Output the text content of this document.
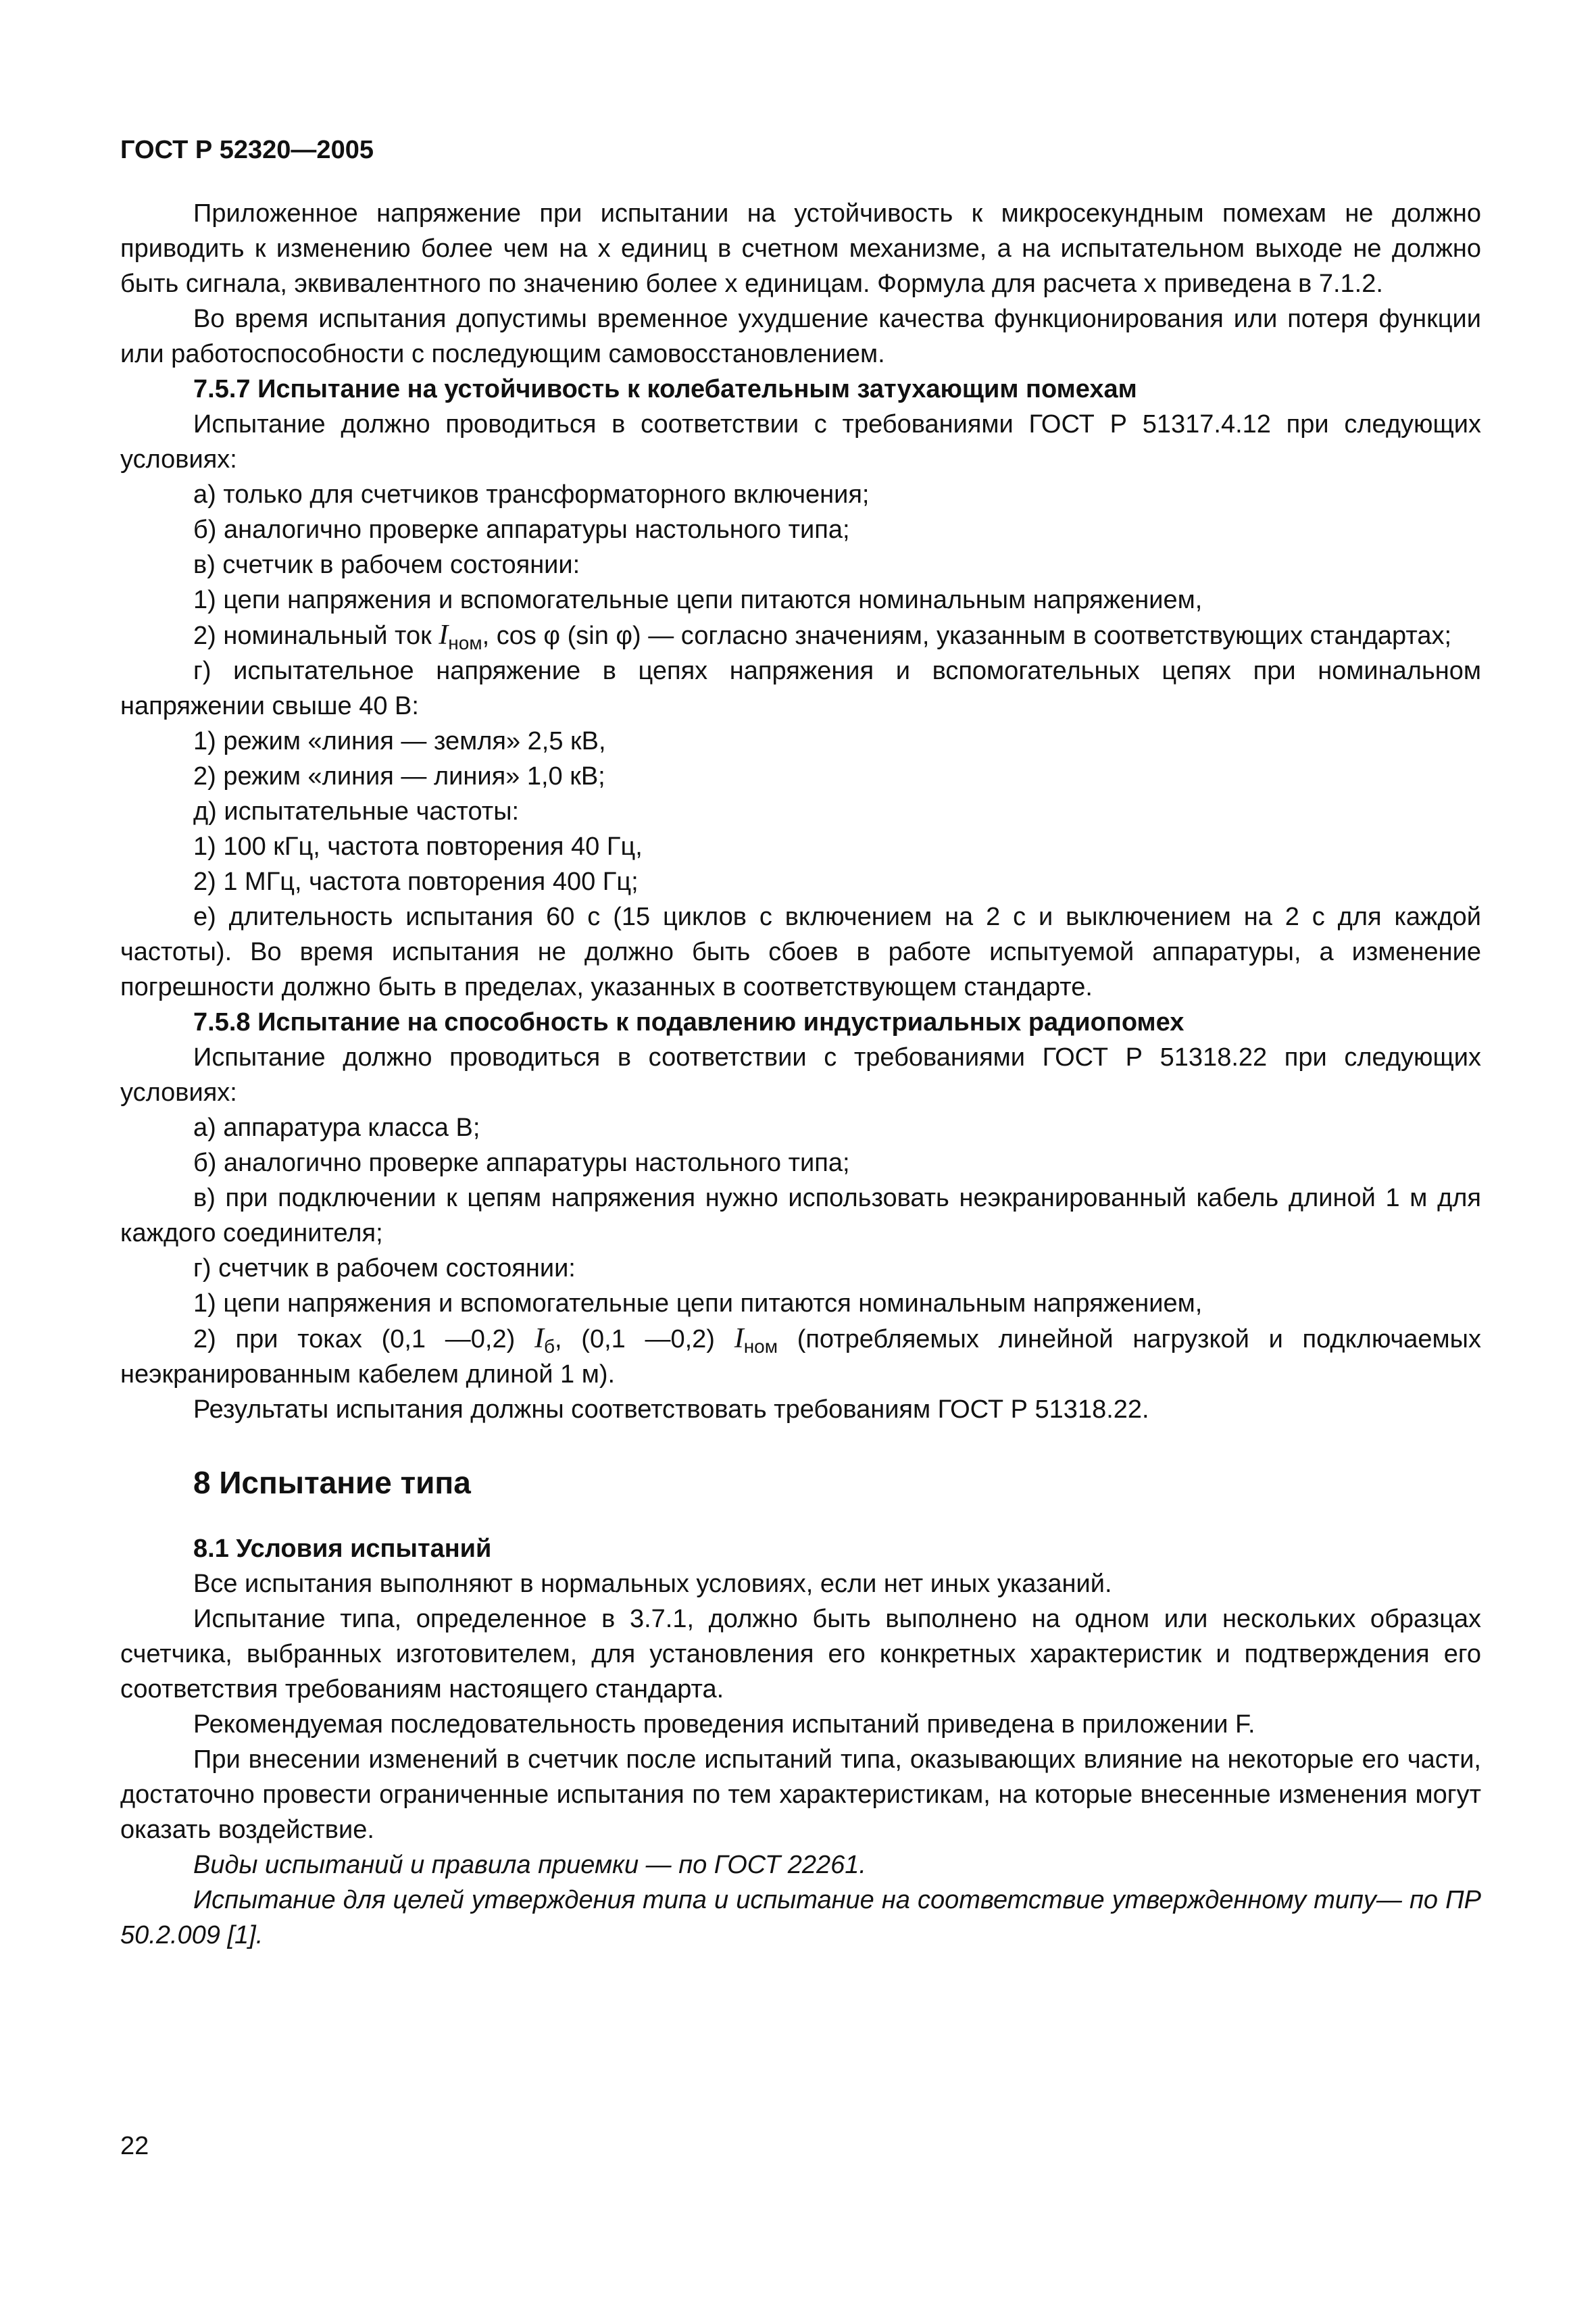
ГОСТ Р 52320—2005

Приложенное напряжение при испытании на устойчивость к микросекундным помехам не должно приводить к изменению более чем на x единиц в счетном механизме, а на испытательном выходе не должно быть сигнала, эквивалентного по значению более x единицам. Формула для расчета x приведена в 7.1.2.

Во время испытания допустимы временное ухудшение качества функционирования или потеря функции или работоспособности с последующим самовосстановлением.

7.5.7 Испытание на устойчивость к колебательным затухающим помехам

Испытание должно проводиться в соответствии с требованиями ГОСТ Р 51317.4.12 при следующих условиях:

а) только для счетчиков трансформаторного включения;

б) аналогично проверке аппаратуры настольного типа;

в) счетчик в рабочем состоянии:

1) цепи напряжения и вспомогательные цепи питаются номинальным напряжением,

2) номинальный ток $I_{ном}$, cos φ (sin φ) — согласно значениям, указанным в соответствующих стандартах;

г) испытательное напряжение в цепях напряжения и вспомогательных цепях при номинальном напряжении свыше 40 В:

1) режим «линия — земля» 2,5 кВ,

2) режим «линия — линия» 1,0 кВ;

д) испытательные частоты:

1) 100 кГц, частота повторения 40 Гц,

2) 1 МГц, частота повторения 400 Гц;

е) длительность испытания 60 с (15 циклов с включением на 2 с и выключением на 2 с для каждой частоты). Во время испытания не должно быть сбоев в работе испытуемой аппаратуры, а изменение погрешности должно быть в пределах, указанных в соответствующем стандарте.

7.5.8 Испытание на способность к подавлению индустриальных радиопомех

Испытание должно проводиться в соответствии с требованиями ГОСТ Р 51318.22 при следующих условиях:

а) аппаратура класса B;

б) аналогично проверке аппаратуры настольного типа;

в) при подключении к цепям напряжения нужно использовать неэкранированный кабель длиной 1 м для каждого соединителя;

г) счетчик в рабочем состоянии:

1) цепи напряжения и вспомогательные цепи питаются номинальным напряжением,

2) при токах (0,1 —0,2) $I_б$, (0,1 —0,2) $I_{ном}$ (потребляемых линейной нагрузкой и подключаемых неэкранированным кабелем длиной 1 м).

Результаты испытания должны соответствовать требованиям ГОСТ Р 51318.22.

8 Испытание типа

8.1 Условия испытаний

Все испытания выполняют в нормальных условиях, если нет иных указаний.

Испытание типа, определенное в 3.7.1, должно быть выполнено на одном или нескольких образцах счетчика, выбранных изготовителем, для установления его конкретных характеристик и подтверждения его соответствия требованиям настоящего стандарта.

Рекомендуемая последовательность проведения испытаний приведена в приложении F.

При внесении изменений в счетчик после испытаний типа, оказывающих влияние на некоторые его части, достаточно провести ограниченные испытания по тем характеристикам, на которые внесенные изменения могут оказать воздействие.

Виды испытаний и правила приемки — по ГОСТ 22261.

Испытание для целей утверждения типа и испытание на соответствие утвержденному типу— по ПР 50.2.009 [1].

22
